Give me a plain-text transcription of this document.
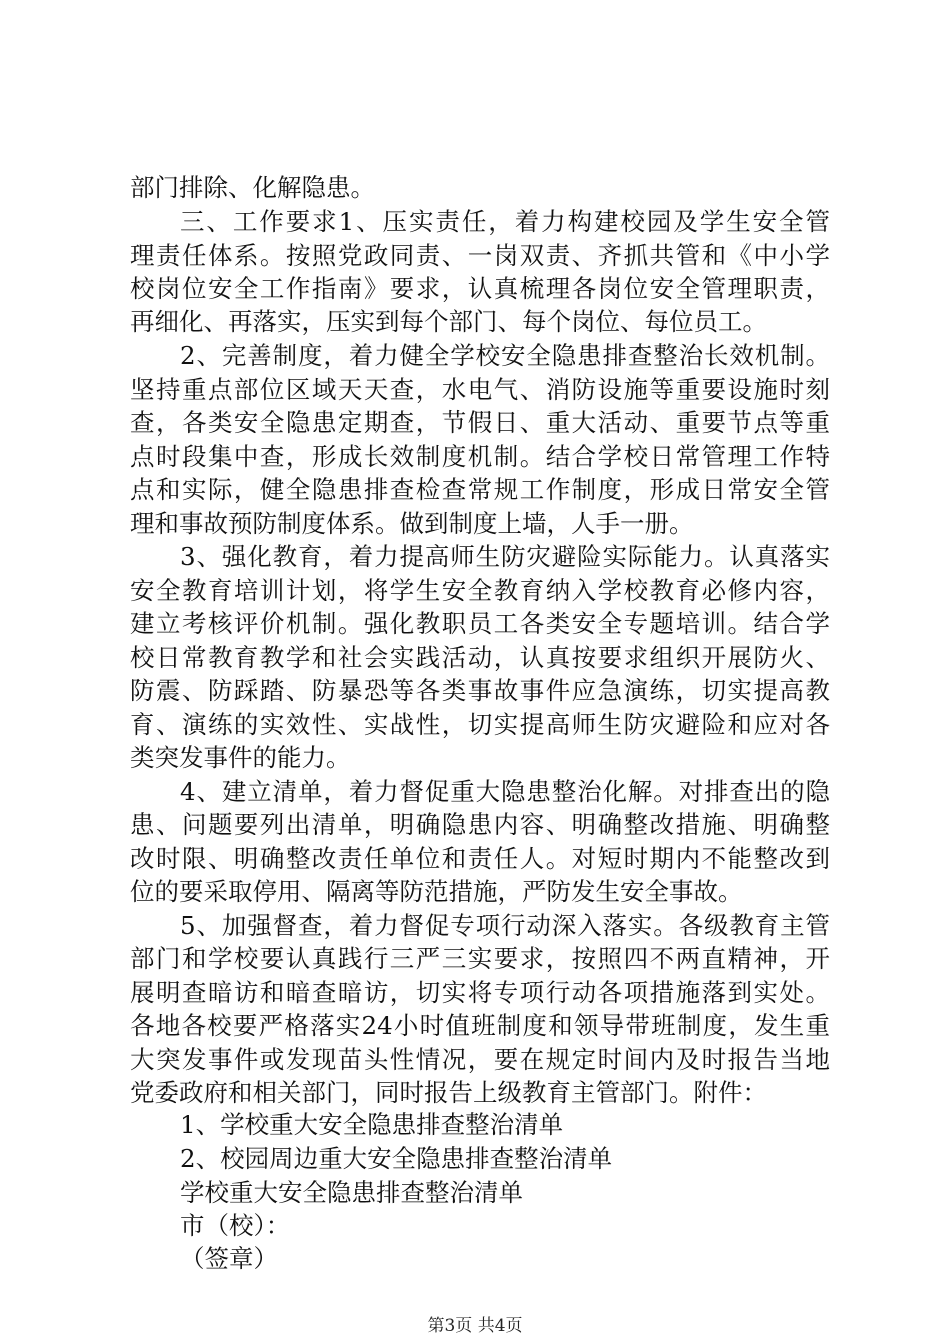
部门排除、化解隐患。
三、工作要求1、压实责任，着力构建校园及学生安全管
理责任体系。按照党政同责、一岗双责、齐抓共管和《中小学
校岗位安全工作指南》要求，认真梳理各岗位安全管理职责，
再细化、再落实，压实到每个部门、每个岗位、每位员工。
2、完善制度，着力健全学校安全隐患排查整治长效机制。
坚持重点部位区域天天查，水电气、消防设施等重要设施时刻
查，各类安全隐患定期查，节假日、重大活动、重要节点等重
点时段集中查，形成长效制度机制。结合学校日常管理工作特
点和实际，健全隐患排查检查常规工作制度，形成日常安全管
理和事故预防制度体系。做到制度上墙，人手一册。
3、强化教育，着力提高师生防灾避险实际能力。认真落实
安全教育培训计划，将学生安全教育纳入学校教育必修内容，
建立考核评价机制。强化教职员工各类安全专题培训。结合学
校日常教育教学和社会实践活动，认真按要求组织开展防火、
防震、防踩踏、防暴恐等各类事故事件应急演练，切实提高教
育、演练的实效性、实战性，切实提高师生防灾避险和应对各
类突发事件的能力。
4、建立清单，着力督促重大隐患整治化解。对排查出的隐
患、问题要列出清单，明确隐患内容、明确整改措施、明确整
改时限、明确整改责任单位和责任人。对短时期内不能整改到
位的要采取停用、隔离等防范措施，严防发生安全事故。
5、加强督查，着力督促专项行动深入落实。各级教育主管
部门和学校要认真践行三严三实要求，按照四不两直精神，开
展明查暗访和暗查暗访，切实将专项行动各项措施落到实处。
各地各校要严格落实24小时值班制度和领导带班制度，发生重
大突发事件或发现苗头性情况，要在规定时间内及时报告当地
党委政府和相关部门，同时报告上级教育主管部门。附件：
1、学校重大安全隐患排查整治清单
2、校园周边重大安全隐患排查整治清单
学校重大安全隐患排查整治清单
市（校）：
（签章）
第3页 共4页
